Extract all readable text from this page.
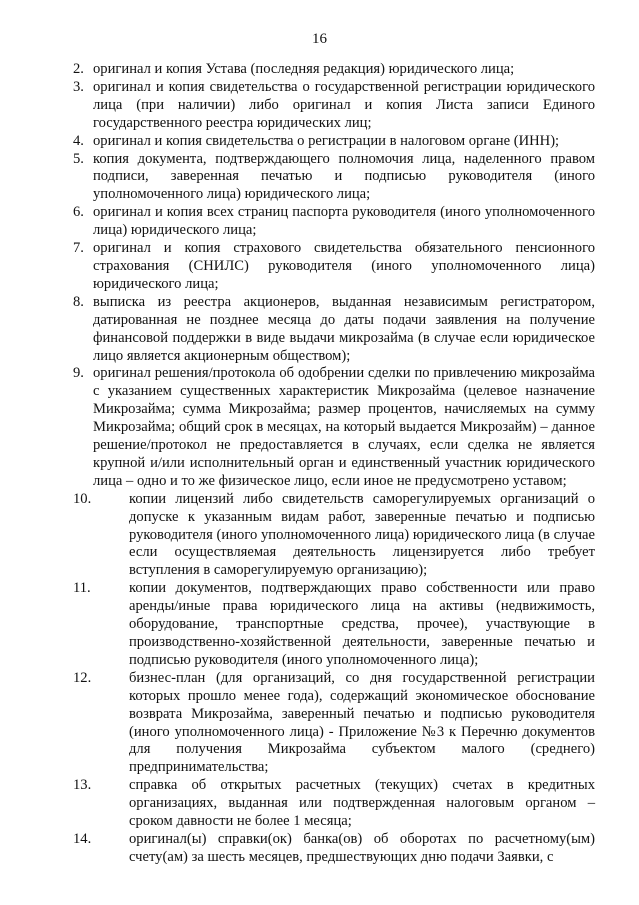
16
2. оригинал и копия Устава (последняя редакция) юридического лица;
3. оригинал и копия свидетельства о государственной регистрации юридического лица (при наличии) либо оригинал и копия Листа записи Единого государственного реестра юридических лиц;
4. оригинал и копия свидетельства о регистрации в налоговом органе (ИНН);
5. копия документа, подтверждающего полномочия лица, наделенного правом подписи, заверенная печатью и подписью руководителя (иного уполномоченного лица) юридического лица;
6. оригинал и копия всех страниц паспорта руководителя (иного уполномоченного лица) юридического лица;
7. оригинал и копия страхового свидетельства обязательного пенсионного страхования (СНИЛС) руководителя (иного уполномоченного лица) юридического лица;
8. выписка из реестра акционеров, выданная независимым регистратором, датированная не позднее месяца до даты подачи заявления на получение финансовой поддержки в виде выдачи микрозайма (в случае если юридическое лицо является акционерным обществом);
9. оригинал решения/протокола об одобрении сделки по привлечению микрозайма с указанием существенных характеристик Микрозайма (целевое назначение Микрозайма; сумма Микрозайма; размер процентов, начисляемых на сумму Микрозайма; общий срок в месяцах, на который выдается Микрозайм) – данное решение/протокол не предоставляется в случаях, если сделка не является крупной и/или исполнительный орган и единственный участник юридического лица – одно и то же физическое лицо, если иное не предусмотрено уставом;
10.	копии лицензий либо свидетельств саморегулируемых организаций о допуске к указанным видам работ, заверенные печатью и подписью руководителя (иного уполномоченного лица) юридического лица (в случае если осуществляемая деятельность лицензируется либо требует вступления в саморегулируемую организацию);
11.	копии документов, подтверждающих право собственности или право аренды/иные права юридического лица на активы (недвижимость, оборудование, транспортные средства, прочее), участвующие в производственно-хозяйственной деятельности, заверенные печатью и подписью руководителя (иного уполномоченного лица);
12.	бизнес-план (для организаций, со дня государственной регистрации которых прошло менее года), содержащий экономическое обоснование возврата Микрозайма, заверенный печатью и подписью руководителя (иного уполномоченного лица) - Приложение №3 к Перечню документов для получения Микрозайма субъектом малого (среднего) предпринимательства;
13.	справка об открытых расчетных (текущих) счетах в кредитных организациях, выданная или подтвержденная налоговым органом – сроком давности не более 1 месяца;
14.	оригинал(ы) справки(ок) банка(ов) об оборотах по расчетному(ым) счету(ам) за шесть месяцев, предшествующих дню подачи Заявки, с
